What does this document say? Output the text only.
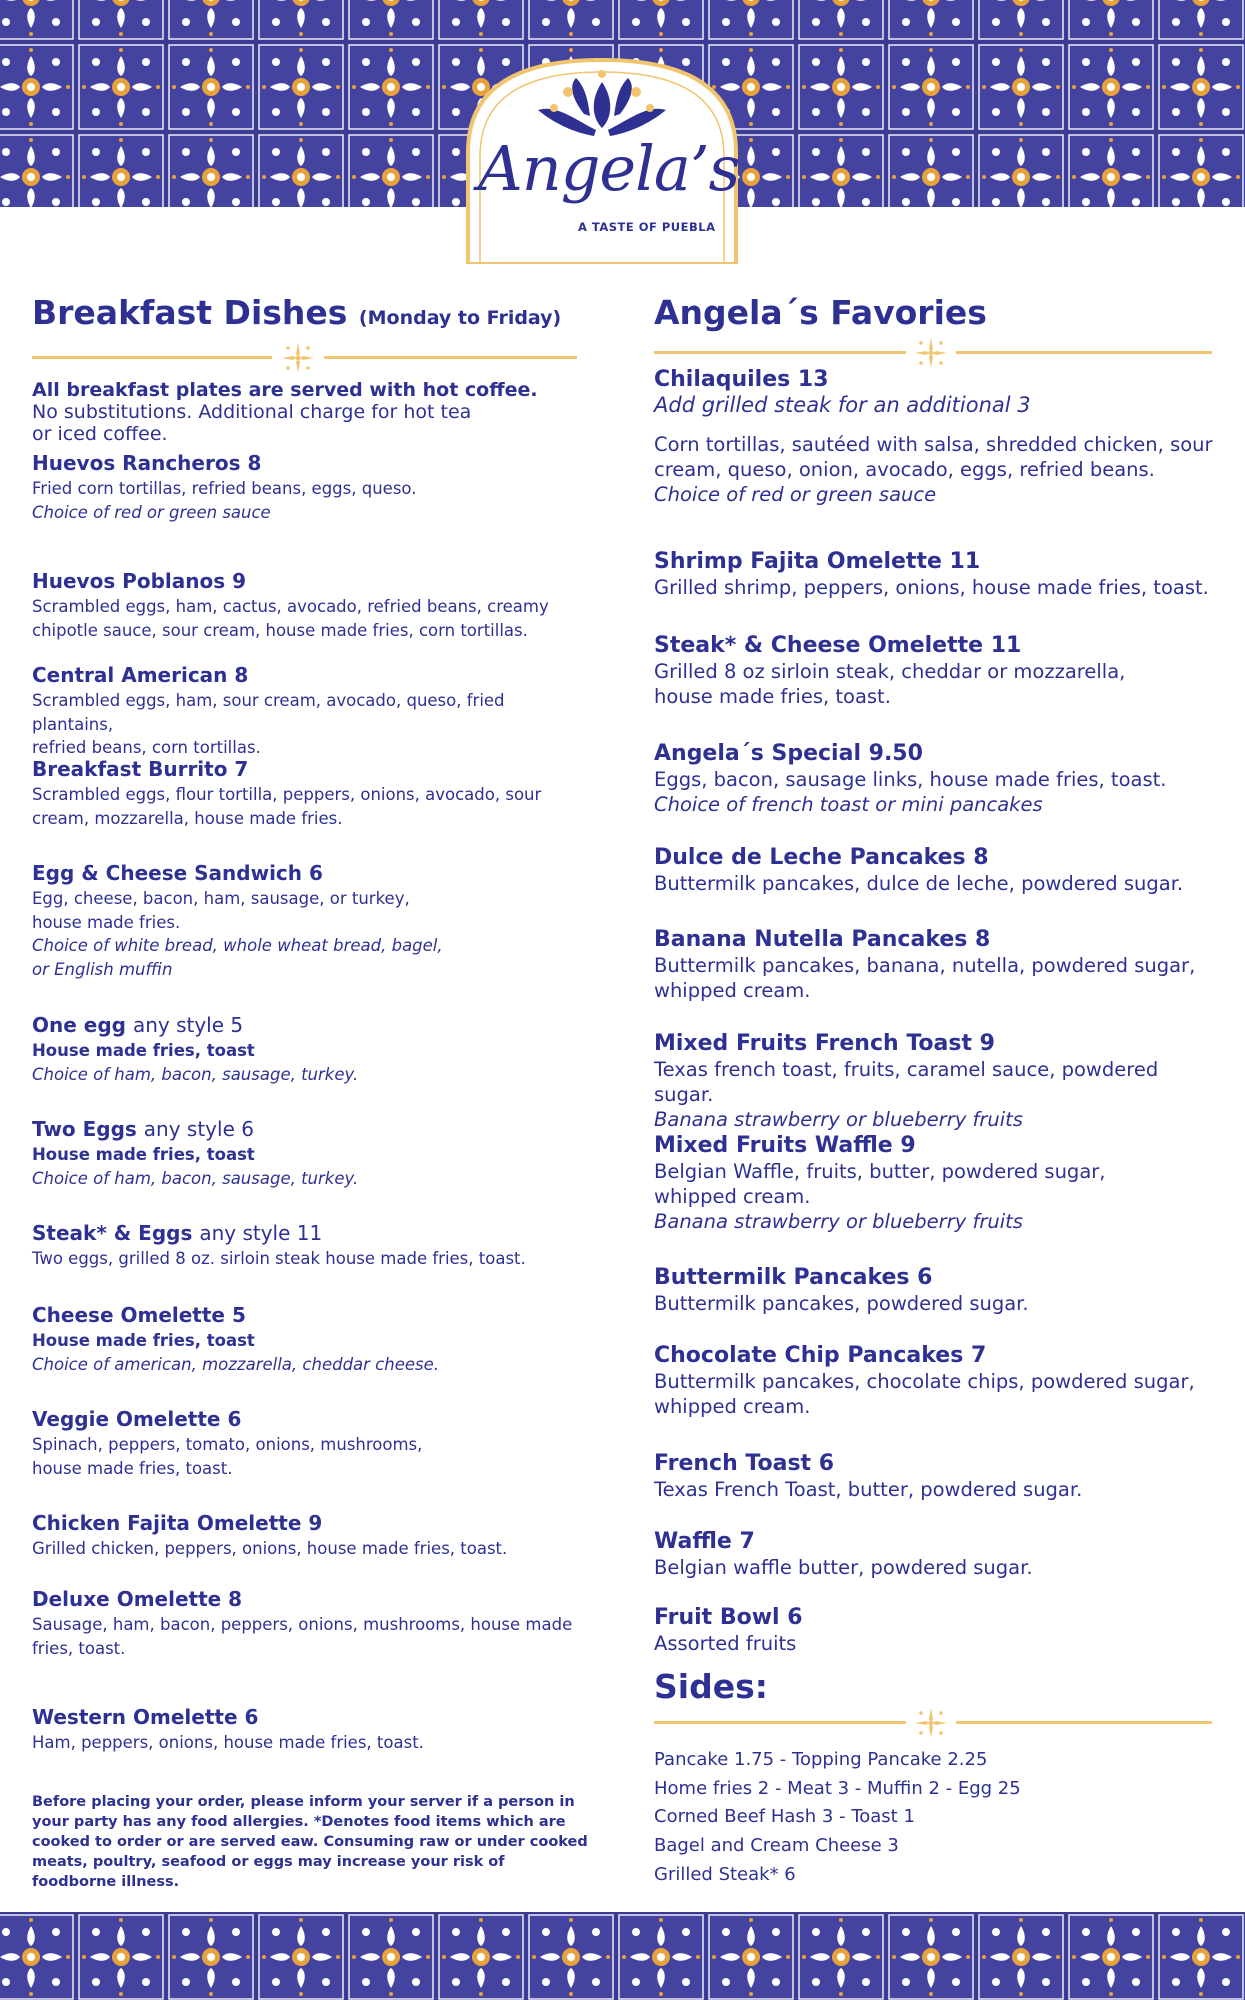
Angela’s
A TASTE OF PUEBLA
Breakfast Dishes (Monday to Friday)
All breakfast plates are served with hot coffee.
No substitutions. Additional charge for hot tea or iced coffee.
Huevos Rancheros 8
Fried corn tortillas, refried beans, eggs, queso.
Choice of red or green sauce
Huevos Poblanos 9
Scrambled eggs, ham, cactus, avocado, refried beans, creamy
chipotle sauce, sour cream, house made fries, corn tortillas.
Central American 8
Scrambled eggs, ham, sour cream, avocado, queso, fried plantains,
refried beans, corn tortillas.
Breakfast Burrito 7
Scrambled eggs, flour tortilla, peppers, onions, avocado, sour
cream, mozzarella, house made fries.
Egg & Cheese Sandwich 6
Egg, cheese, bacon, ham, sausage, or turkey,
house made fries.
Choice of white bread, whole wheat bread, bagel,
or English muffin
One egg any style 5
House made fries, toast
Choice of ham, bacon, sausage, turkey.
Two Eggs any style 6
House made fries, toast
Choice of ham, bacon, sausage, turkey.
Steak* & Eggs any style 11
Two eggs, grilled 8 oz. sirloin steak house made fries, toast.
Cheese Omelette 5
House made fries, toast
Choice of american, mozzarella, cheddar cheese.
Veggie Omelette 6
Spinach, peppers, tomato, onions, mushrooms,
house made fries, toast.
Chicken Fajita Omelette 9
Grilled chicken, peppers, onions, house made fries, toast.
Deluxe Omelette 8
Sausage, ham, bacon, peppers, onions, mushrooms, house made
fries, toast.
Western Omelette 6
Ham, peppers, onions, house made fries, toast.
Before placing your order, please inform your server if a person in your party has any food allergies. *Denotes food items which are cooked to order or are served eaw. Consuming raw or under cooked meats, poultry, seafood or eggs may increase your risk of foodborne illness.
Angela´s Favories
Chilaquiles 13
Add grilled steak for an additional 3
Corn tortillas, sautéed with salsa, shredded chicken, sour
cream, queso, onion, avocado, eggs, refried beans.
Choice of red or green sauce
Shrimp Fajita Omelette 11
Grilled shrimp, peppers, onions, house made fries, toast.
Steak* & Cheese Omelette 11
Grilled 8 oz sirloin steak, cheddar or mozzarella,
house made fries, toast.
Angela´s Special 9.50
Eggs, bacon, sausage links, house made fries, toast.
Choice of french toast or mini pancakes
Dulce de Leche Pancakes 8
Buttermilk pancakes, dulce de leche, powdered sugar.
Banana Nutella Pancakes 8
Buttermilk pancakes, banana, nutella, powdered sugar,
whipped cream.
Mixed Fruits French Toast 9
Texas french toast, fruits, caramel sauce, powdered sugar.
Banana strawberry or blueberry fruits
Mixed Fruits Waffle 9
Belgian Waffle, fruits, butter, powdered sugar,
whipped cream.
Banana strawberry or blueberry fruits
Buttermilk Pancakes 6
Buttermilk pancakes, powdered sugar.
Chocolate Chip Pancakes 7
Buttermilk pancakes, chocolate chips, powdered sugar,
whipped cream.
French Toast 6
Texas French Toast, butter, powdered sugar.
Waffle 7
Belgian waffle butter, powdered sugar.
Fruit Bowl 6
Assorted fruits
Sides:
Pancake 1.75 - Topping Pancake 2.25
Home fries 2 - Meat 3 - Muffin 2 - Egg 25
Corned Beef Hash 3 - Toast 1
Bagel and Cream Cheese 3
Grilled Steak* 6
